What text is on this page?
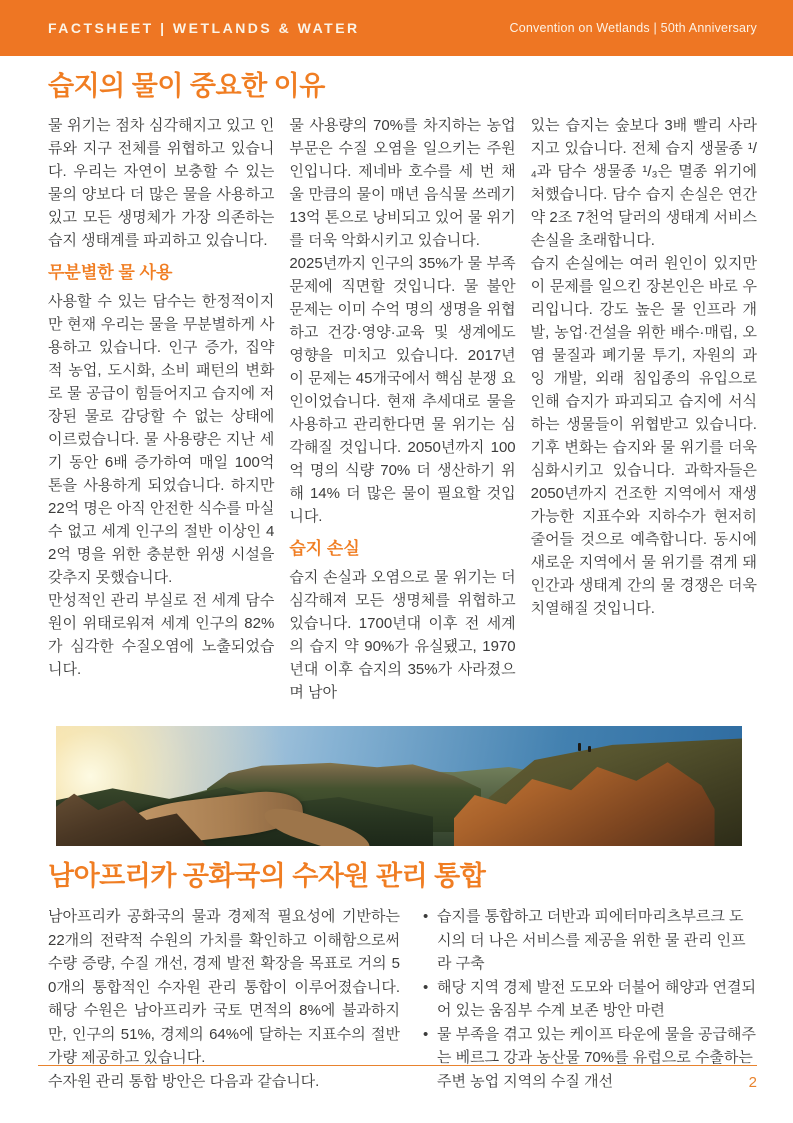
FACTSHEET | WETLANDS & WATER	Convention on Wetlands | 50th Anniversary
습지의 물이 중요한 이유

물 위기는 점차 심각해지고 있고 인류와 지구 전체를 위협하고 있습니다. 우리는 자연이 보충할 수 있는 물의 양보다 더 많은 물을 사용하고 있고 모든 생명체가 가장 의존하는 습지 생태계를 파괴하고 있습니다.

무분별한 물 사용

사용할 수 있는 담수는 한정적이지만 현재 우리는 물을 무분별하게 사용하고 있습니다. 인구 증가, 집약적 농업, 도시화, 소비 패턴의 변화로 물 공급이 힘들어지고 습지에 저장된 물로 감당할 수 없는 상태에 이르렀습니다. 물 사용량은 지난 세기 동안 6배 증가하여 매일 100억 톤을 사용하게 되었습니다. 하지만 22억 명은 아직 안전한 식수를 마실 수 없고 세계 인구의 절반 이상인 42억 명을 위한 충분한 위생 시설을 갖추지 못했습니다.

만성적인 관리 부실로 전 세계 담수원이 위태로워져 세계 인구의 82%가 심각한 수질오염에 노출되었습니다.

물 사용량의 70%를 차지하는 농업 부문은 수질 오염을 일으키는 주원인입니다. 제네바 호수를 세 번 채울 만큼의 물이 매년 음식물 쓰레기 13억 톤으로 낭비되고 있어 물 위기를 더욱 악화시키고 있습니다.

2025년까지 인구의 35%가 물 부족 문제에 직면할 것입니다. 물 불안 문제는 이미 수억 명의 생명을 위협하고 건강·영양·교육 및 생계에도 영향을 미치고 있습니다. 2017년 이 문제는 45개국에서 핵심 분쟁 요인이었습니다. 현재 추세대로 물을 사용하고 관리한다면 물 위기는 심각해질 것입니다. 2050년까지 100억 명의 식량 70% 더 생산하기 위해 14% 더 많은 물이 필요할 것입니다.

습지 손실

습지 손실과 오염으로 물 위기는 더 심각해져 모든 생명체를 위협하고 있습니다. 1700년대 이후 전 세계의 습지 약 90%가 유실됐고, 1970년대 이후 습지의 35%가 사라졌으며 남아

있는 습지는 숲보다 3배 빨리 사라지고 있습니다. 전체 습지 생물종 ¹/₄과 담수 생물종 ¹/₃은 멸종 위기에 처했습니다. 담수 습지 손실은 연간 약 2조 7천억 달러의 생태계 서비스 손실을 초래합니다.

습지 손실에는 여러 원인이 있지만 이 문제를 일으킨 장본인은 바로 우리입니다. 강도 높은 물 인프라 개발, 농업·건설을 위한 배수·매립, 오염 물질과 폐기물 투기, 자원의 과잉 개발, 외래 침입종의 유입으로 인해 습지가 파괴되고 습지에 서식하는 생물들이 위협받고 있습니다. 기후 변화는 습지와 물 위기를 더욱 심화시키고 있습니다. 과학자들은 2050년까지 건조한 지역에서 재생 가능한 지표수와 지하수가 현저히 줄어들 것으로 예측합니다. 동시에 새로운 지역에서 물 위기를 겪게 돼 인간과 생태계 간의 물 경쟁은 더욱 치열해질 것입니다.

남아프리카 공화국의 수자원 관리 통합

남아프리카 공화국의 물과 경제적 필요성에 기반하는 22개의 전략적 수원의 가치를 확인하고 이해함으로써 수량 증량, 수질 개선, 경제 발전 확장을 목표로 거의 50개의 통합적인 수자원 관리 통합이 이루어졌습니다. 해당 수원은 남아프리카 국토 면적의 8%에 불과하지만, 인구의 51%, 경제의 64%에 달하는 지표수의 절반 가량 제공하고 있습니다.

수자원 관리 통합 방안은 다음과 같습니다.

• 습지를 통합하고 더반과 피에터마리츠부르크 도시의 더 나은 서비스를 제공을 위한 물 관리 인프라 구축
• 해당 지역 경제 발전 도모와 더불어 해양과 연결되어 있는 움짐부 수계 보존 방안 마련
• 물 부족을 겪고 있는 케이프 타운에 물을 공급해주는 베르그 강과 농산물 70%를 유럽으로 수출하는 주변 농업 지역의 수질 개선	2
